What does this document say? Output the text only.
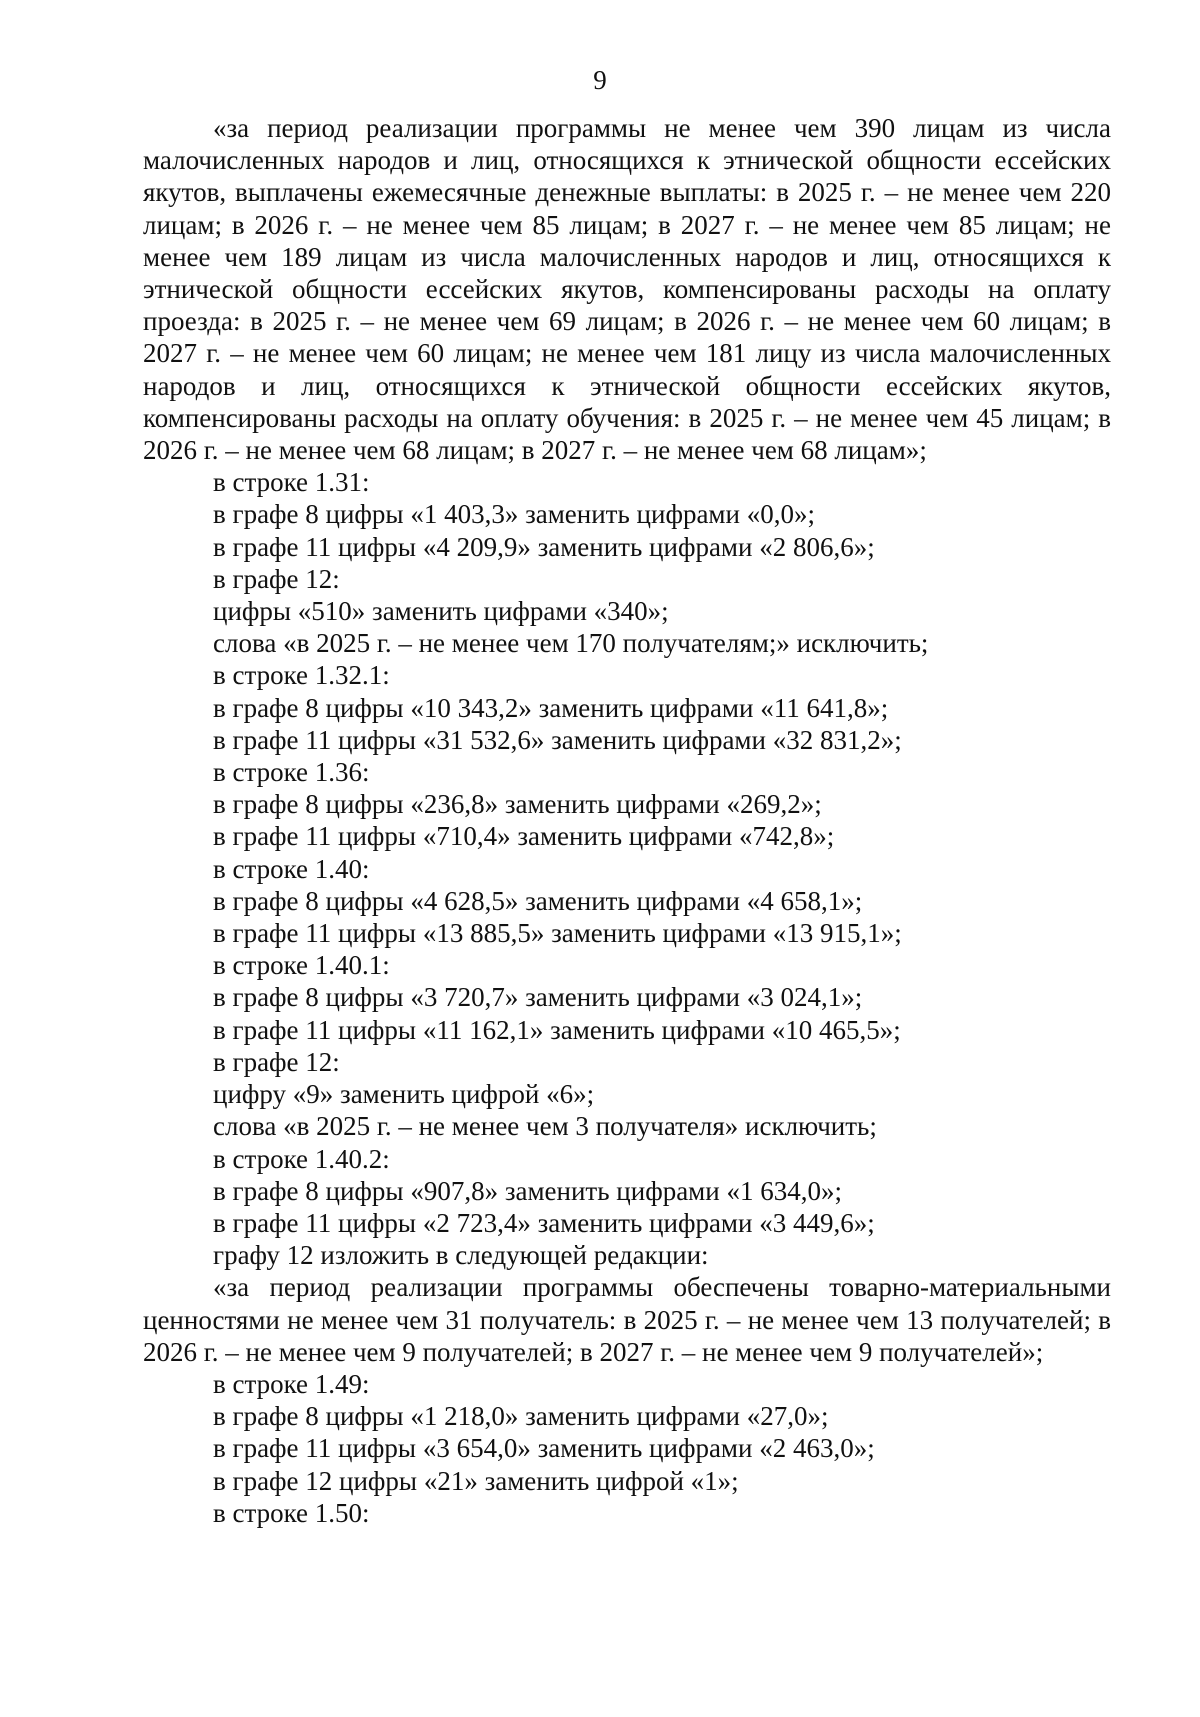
9

«за период реализации программы не менее чем 390 лицам из числа малочисленных народов и лиц, относящихся к этнической общности ессейских якутов, выплачены ежемесячные денежные выплаты: в 2025 г. – не менее чем 220 лицам; в 2026 г. – не менее чем 85 лицам; в 2027 г. – не менее чем 85 лицам; не менее чем 189 лицам из числа малочисленных народов и лиц, относящихся к этнической общности ессейских якутов, компенсированы расходы на оплату проезда: в 2025 г. – не менее чем 69 лицам; в 2026 г. – не менее чем 60 лицам; в 2027 г. – не менее чем 60 лицам; не менее чем 181 лицу из числа малочисленных народов и лиц, относящихся к этнической общности ессейских якутов, компенсированы расходы на оплату обучения: в 2025 г. – не менее чем 45 лицам; в 2026 г. – не менее чем 68 лицам; в 2027 г. – не менее чем 68 лицам»;

в строке 1.31:

в графе 8 цифры «1 403,3» заменить цифрами «0,0»;

в графе 11 цифры «4 209,9» заменить цифрами «2 806,6»;

в графе 12:

цифры «510» заменить цифрами «340»;

слова «в 2025 г. – не менее чем 170 получателям;» исключить;

в строке 1.32.1:

в графе 8 цифры «10 343,2» заменить цифрами «11 641,8»;

в графе 11 цифры «31 532,6» заменить цифрами «32 831,2»;

в строке 1.36:

в графе 8 цифры «236,8» заменить цифрами «269,2»;

в графе 11 цифры «710,4» заменить цифрами «742,8»;

в строке 1.40:

в графе 8 цифры «4 628,5» заменить цифрами «4 658,1»;

в графе 11 цифры «13 885,5» заменить цифрами «13 915,1»;

в строке 1.40.1:

в графе 8 цифры «3 720,7» заменить цифрами «3 024,1»;

в графе 11 цифры «11 162,1» заменить цифрами «10 465,5»;

в графе 12:

цифру «9» заменить цифрой «6»;

слова «в 2025 г. – не менее чем 3 получателя» исключить;

в строке 1.40.2:

в графе 8 цифры «907,8» заменить цифрами «1 634,0»;

в графе 11 цифры «2 723,4» заменить цифрами «3 449,6»;

графу 12 изложить в следующей редакции:

«за период реализации программы обеспечены товарно-материальными ценностями не менее чем 31 получатель: в 2025 г. – не менее чем 13 получателей; в 2026 г. – не менее чем 9 получателей; в 2027 г. – не менее чем 9 получателей»;

в строке 1.49:

в графе 8 цифры «1 218,0» заменить цифрами «27,0»;

в графе 11 цифры «3 654,0» заменить цифрами «2 463,0»;

в графе 12 цифры «21» заменить цифрой «1»;

в строке 1.50:
